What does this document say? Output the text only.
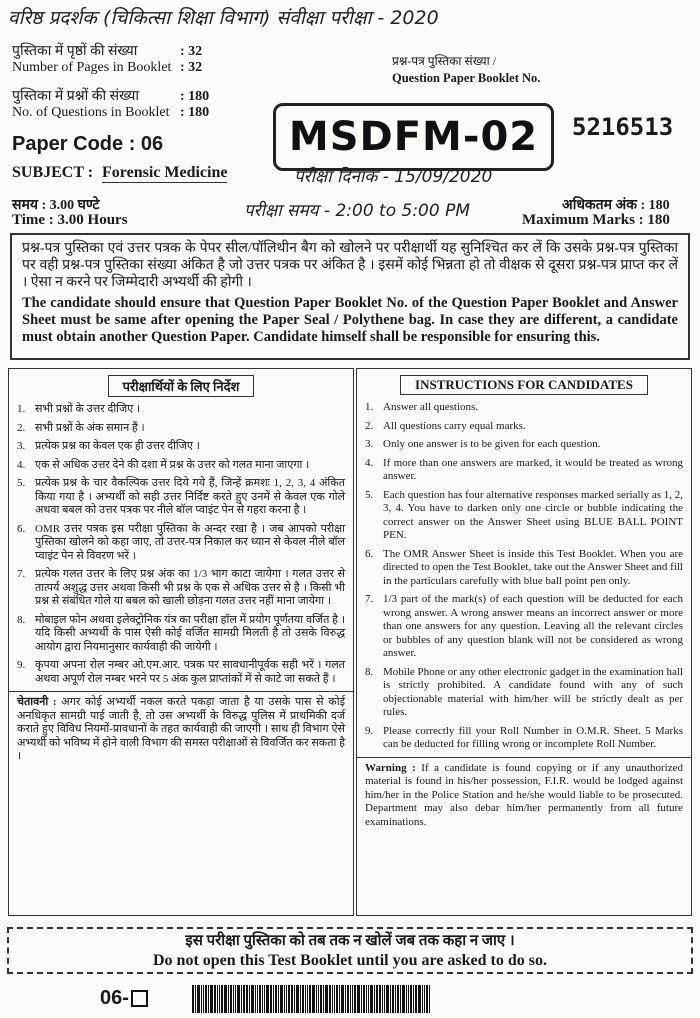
वरिष्ठ प्रदर्शक (चिकित्सा शिक्षा विभाग) संवीक्षा परीक्षा - 2020
पुस्तिका में पृष्ठों की संख्या	: 32
Number of Pages in Booklet : 32
पुस्तिका में प्रश्नों की संख्या	: 180
No. of Questions in Booklet : 180
प्रश्न-पत्र पुस्तिका संख्या /
Question Paper Booklet No.
5216513
Paper Code : 06	MSDFM-02
SUBJECT : Forensic Medicine	परीक्षा दिनांक - 15/09/2020
समय : 3.00 घण्टे
Time : 3.00 Hours	परीक्षा समय - 2:00 to 5:00 PM	अधिकतम अंक : 180
Maximum Marks : 180
प्रश्न-पत्र पुस्तिका एवं उत्तर पत्रक के पेपर सील/पॉलिथीन बैग को खोलने पर परीक्षार्थी यह सुनिश्चित कर लें कि उसके प्रश्न-पत्र पुस्तिका पर वही प्रश्न-पत्र पुस्तिका संख्या अंकित है जो उत्तर पत्रक पर अंकित है । इसमें कोई भिन्नता हो तो वीक्षक से दूसरा प्रश्न-पत्र प्राप्त कर लें । ऐसा न करने पर जिम्मेदारी अभ्यर्थी की होगी ।
The candidate should ensure that Question Paper Booklet No. of the Question Paper Booklet and Answer Sheet must be same after opening the Paper Seal / Polythene bag. In case they are different, a candidate must obtain another Question Paper. Candidate himself shall be responsible for ensuring this.
परीक्षार्थियों के लिए निर्देश
1. सभी प्रश्नों के उत्तर दीजिए ।
2. सभी प्रश्नों के अंक समान हैं ।
3. प्रत्येक प्रश्न का केवल एक ही उत्तर दीजिए ।
4. एक से अधिक उत्तर देने की दशा में प्रश्न के उत्तर को गलत माना जाएगा ।
5. प्रत्येक प्रश्न के चार वैकल्पिक उत्तर दिये गये हैं, जिन्हें क्रमशः 1, 2, 3, 4 अंकित किया गया है । अभ्यर्थी को सही उत्तर निर्दिष्ट करते हुए उनमें से केवल एक गोले अथवा बबल को उत्तर पत्रक पर नीले बॉल प्वाइंट पेन से गहरा करना है ।
6. OMR उत्तर पत्रक इस परीक्षा पुस्तिका के अन्दर रखा है । जब आपको परीक्षा पुस्तिका खोलने को कहा जाए, तो उत्तर-पत्र निकाल कर ध्यान से केवल नीले बॉल प्वाइंट पेन से विवरण भरें ।
7. प्रत्येक गलत उत्तर के लिए प्रश्न अंक का 1/3 भाग काटा जायेगा । गलत उत्तर से तात्पर्य अशुद्ध उत्तर अथवा किसी भी प्रश्न के एक से अधिक उत्तर से है । किसी भी प्रश्न से संबंधित गोले या बबल को खाली छोड़ना गलत उत्तर नहीं माना जायेगा ।
8. मोबाइल फोन अथवा इलेक्ट्रोनिक यंत्र का परीक्षा हॉल में प्रयोग पूर्णतया वर्जित है । यदि किसी अभ्यर्थी के पास ऐसी कोई वर्जित सामग्री मिलती है तो उसके विरुद्ध आयोग द्वारा नियमानुसार कार्यवाही की जायेगी ।
9. कृपया अपना रोल नम्बर ओ.एम.आर. पत्रक पर सावधानीपूर्वक सही भरें । गलत अथवा अपूर्ण रोल नम्बर भरने पर 5 अंक कुल प्राप्तांकों में से काटे जा सकते हैं ।
चेतावनी : अगर कोई अभ्यर्थी नकल करते पकड़ा जाता है या उसके पास से कोई अनधिकृत सामग्री पाई जाती है, तो उस अभ्यर्थी के विरुद्ध पुलिस में प्राथमिकी दर्ज कराते हुए विविध नियमों-प्रावधानों के तहत कार्यवाही की जाएगी । साथ ही विभाग ऐसे अभ्यर्थी को भविष्य में होने वाली विभाग की समस्त परीक्षाओं से विवर्जित कर सकता है ।
INSTRUCTIONS FOR CANDIDATES
1. Answer all questions.
2. All questions carry equal marks.
3. Only one answer is to be given for each question.
4. If more than one answers are marked, it would be treated as wrong answer.
5. Each question has four alternative responses marked serially as 1, 2, 3, 4. You have to darken only one circle or bubble indicating the correct answer on the Answer Sheet using BLUE BALL POINT PEN.
6. The OMR Answer Sheet is inside this Test Booklet. When you are directed to open the Test Booklet, take out the Answer Sheet and fill in the particulars carefully with blue ball point pen only.
7. 1/3 part of the mark(s) of each question will be deducted for each wrong answer. A wrong answer means an incorrect answer or more than one answers for any question. Leaving all the relevant circles or bubbles of any question blank will not be considered as wrong answer.
8. Mobile Phone or any other electronic gadget in the examination hall is strictly prohibited. A candidate found with any of such objectionable material with him/her will be strictly dealt as per rules.
9. Please correctly fill your Roll Number in O.M.R. Sheet. 5 Marks can be deducted for filling wrong or incomplete Roll Number.
Warning : If a candidate is found copying or if any unauthorized material is found in his/her possession, F.I.R. would be lodged against him/her in the Police Station and he/she would liable to be prosecuted. Department may also debar him/her permanently from all future examinations.
इस परीक्षा पुस्तिका को तब तक न खोलें जब तक कहा न जाए ।
Do not open this Test Booklet until you are asked to do so.
06-
